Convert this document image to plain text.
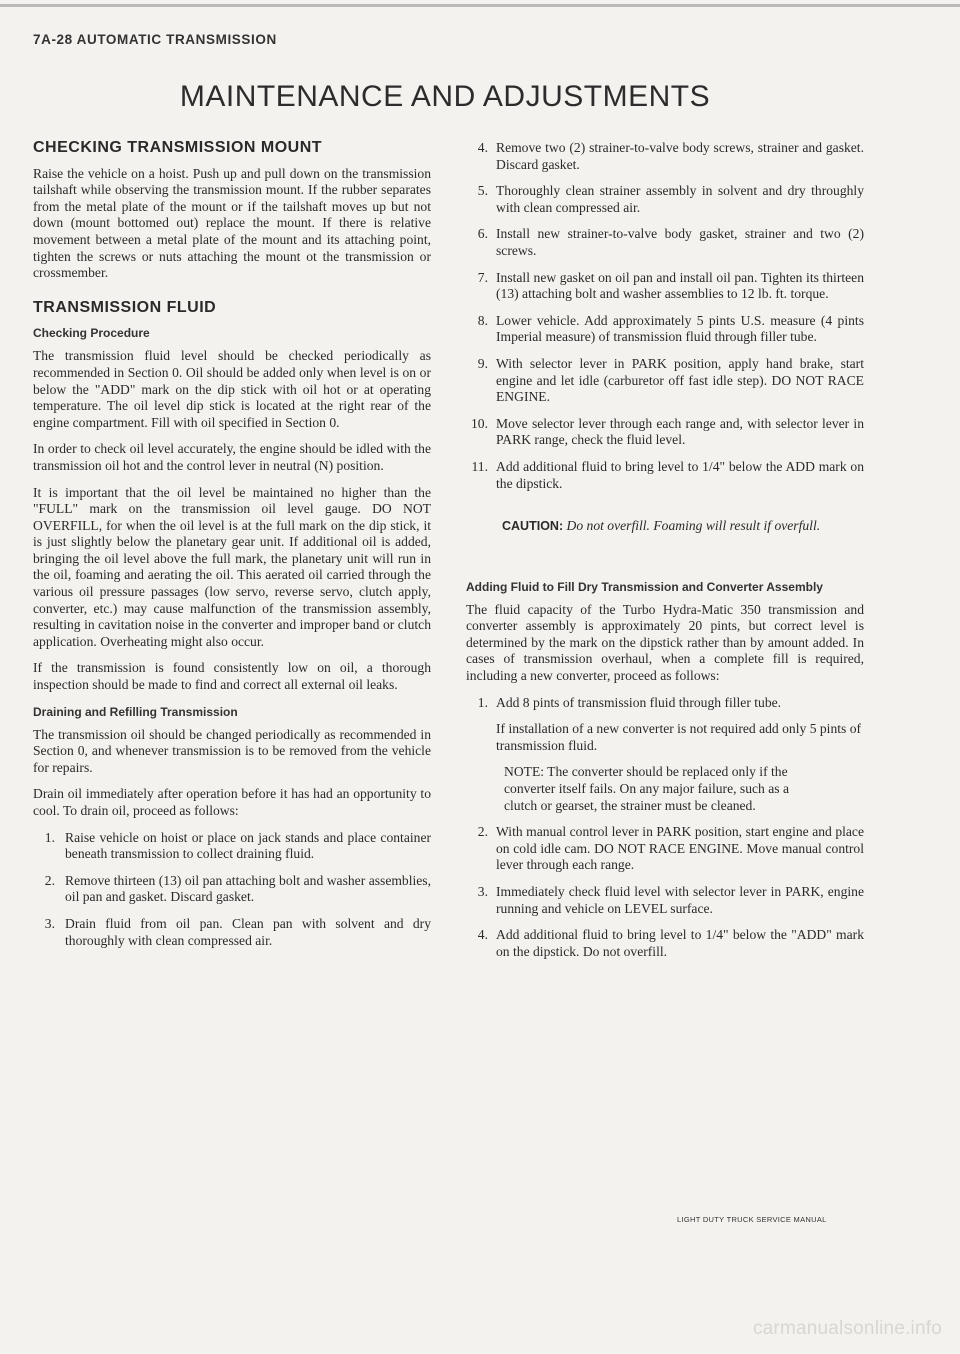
7A-28 AUTOMATIC TRANSMISSION
MAINTENANCE AND ADJUSTMENTS
CHECKING TRANSMISSION MOUNT

Raise the vehicle on a hoist. Push up and pull down on the transmission tailshaft while observing the transmission mount. If the rubber separates from the metal plate of the mount or if the tailshaft moves up but not down (mount bottomed out) replace the mount. If there is relative movement between a metal plate of the mount and its attaching point, tighten the screws or nuts attaching the mount ot the transmission or crossmember.

TRANSMISSION FLUID
Checking Procedure

The transmission fluid level should be checked periodically as recommended in Section 0. Oil should be added only when level is on or below the "ADD" mark on the dip stick with oil hot or at operating temperature. The oil level dip stick is located at the right rear of the engine compartment. Fill with oil specified in Section 0.

In order to check oil level accurately, the engine should be idled with the transmission oil hot and the control lever in neutral (N) position.

It is important that the oil level be maintained no higher than the "FULL" mark on the transmission oil level gauge. DO NOT OVERFILL, for when the oil level is at the full mark on the dip stick, it is just slightly below the planetary gear unit. If additional oil is added, bringing the oil level above the full mark, the planetary unit will run in the oil, foaming and aerating the oil. This aerated oil carried through the various oil pressure passages (low servo, reverse servo, clutch apply, converter, etc.) may cause malfunction of the transmission assembly, resulting in cavitation noise in the converter and improper band or clutch application. Overheating might also occur.

If the transmission is found consistently low on oil, a thorough inspection should be made to find and correct all external oil leaks.

Draining and Refilling Transmission

The transmission oil should be changed periodically as recommended in Section 0, and whenever transmission is to be removed from the vehicle for repairs.

Drain oil immediately after operation before it has had an opportunity to cool. To drain oil, proceed as follows:

1. Raise vehicle on hoist or place on jack stands and place container beneath transmission to collect draining fluid.
2. Remove thirteen (13) oil pan attaching bolt and washer assemblies, oil pan and gasket. Discard gasket.
3. Drain fluid from oil pan. Clean pan with solvent and dry thoroughly with clean compressed air.
4. Remove two (2) strainer-to-valve body screws, strainer and gasket. Discard gasket.
5. Thoroughly clean strainer assembly in solvent and dry throughly with clean compressed air.
6. Install new strainer-to-valve body gasket, strainer and two (2) screws.
7. Install new gasket on oil pan and install oil pan. Tighten its thirteen (13) attaching bolt and washer assemblies to 12 lb. ft. torque.
8. Lower vehicle. Add approximately 5 pints U.S. measure (4 pints Imperial measure) of transmission fluid through filler tube.
9. With selector lever in PARK position, apply hand brake, start engine and let idle (carburetor off fast idle step). DO NOT RACE ENGINE.
10. Move selector lever through each range and, with selector lever in PARK range, check the fluid level.
11. Add additional fluid to bring level to 1/4" below the ADD mark on the dipstick.
CAUTION: Do not overfill. Foaming will result if overfull.
Adding Fluid to Fill Dry Transmission and Converter Assembly

The fluid capacity of the Turbo Hydra-Matic 350 transmission and converter assembly is approximately 20 pints, but correct level is determined by the mark on the dipstick rather than by amount added. In cases of transmission overhaul, when a complete fill is required, including a new converter, proceed as follows:

1. Add 8 pints of transmission fluid through filler tube.

If installation of a new converter is not required add only 5 pints of transmission fluid.

NOTE: The converter should be replaced only if the converter itself fails. On any major failure, such as a clutch or gearset, the strainer must be cleaned.

2. With manual control lever in PARK position, start engine and place on cold idle cam. DO NOT RACE ENGINE. Move manual control lever through each range.
3. Immediately check fluid level with selector lever in PARK, engine running and vehicle on LEVEL surface.
4. Add additional fluid to bring level to 1/4" below the "ADD" mark on the dipstick. Do not overfill.
LIGHT DUTY TRUCK SERVICE MANUAL
carmanualsonline.info
